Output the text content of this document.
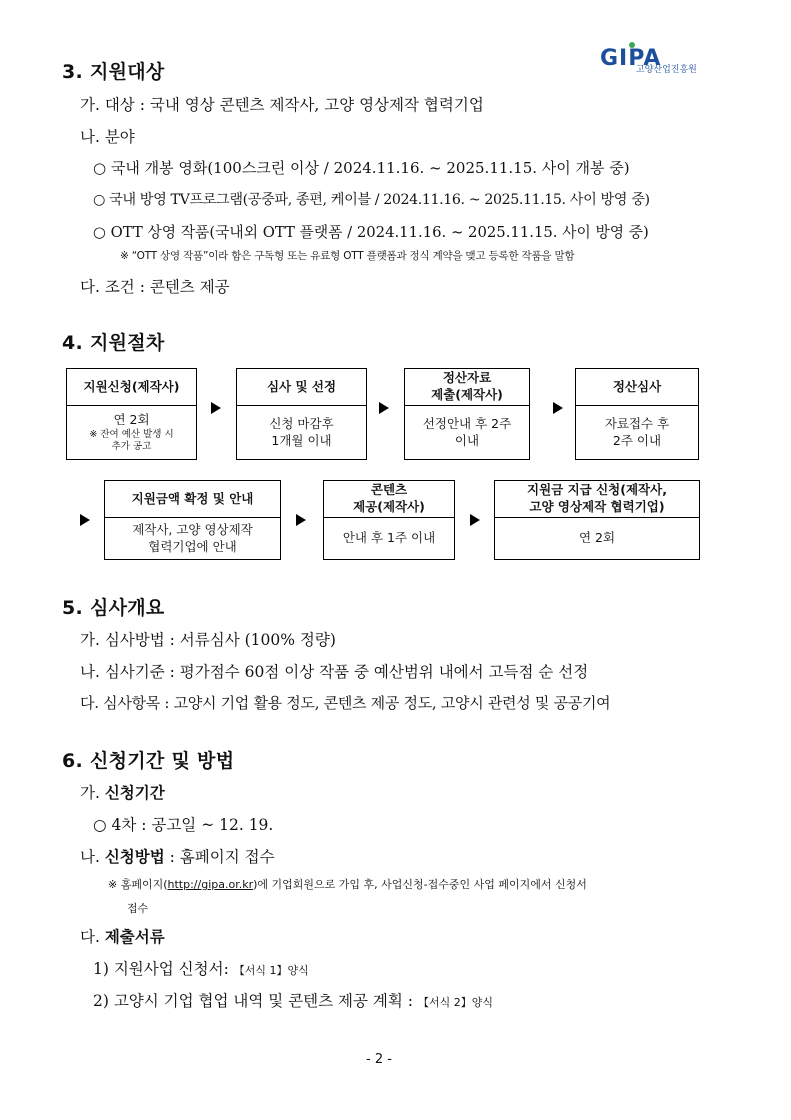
GIPA
고양산업진흥원
3. 지원대상
가. 대상 : 국내 영상 콘텐츠 제작사, 고양 영상제작 협력기업
나. 분야
○ 국내 개봉 영화(100스크린 이상 / 2024.11.16. ~ 2025.11.15. 사이 개봉 중)
○ 국내 방영 TV프로그램(공중파, 종편, 케이블 / 2024.11.16. ~ 2025.11.15. 사이 방영 중)
○ OTT 상영 작품(국내외 OTT 플랫폼 / 2024.11.16. ~ 2025.11.15. 사이 방영 중)
※ “OTT 상영 작품”이라 함은 구독형 또는 유료형 OTT 플랫폼과 정식 계약을 맺고 등록한 작품을 말함
다. 조건 : 콘텐츠 제공
4. 지원절차
지원신청(제작사)
연 2회
※ 잔여 예산 발생 시
추가 공고
심사 및 선정
신청 마감후
1개월 이내
정산자료
제출(제작사)
선정안내 후 2주
이내
정산심사
자료접수 후
2주 이내
지원금액 확정 및 안내
제작사, 고양 영상제작
협력기업에 안내
콘텐츠
제공(제작사)
안내 후 1주 이내
지원금 지급 신청(제작사,
고양 영상제작 협력기업)
연 2회
5. 심사개요
가. 심사방법 : 서류심사 (100% 정량)
나. 심사기준 : 평가점수 60점 이상 작품 중 예산범위 내에서 고득점 순 선정
다. 심사항목 : 고양시 기업 활용 정도, 콘텐츠 제공 정도, 고양시 관련성 및 공공기여
6. 신청기간 및 방법
가. 신청기간
○ 4차 : 공고일 ~ 12. 19.
나. 신청방법 : 홈페이지 접수
※ 홈페이지(http://gipa.or.kr)에 기업회원으로 가입 후, 사업신청-접수중인 사업 페이지에서 신청서
접수
다. 제출서류
1) 지원사업 신청서: 【서식 1】양식
2) 고양시 기업 협업 내역 및 콘텐츠 제공 계획 : 【서식 2】양식
- 2 -
